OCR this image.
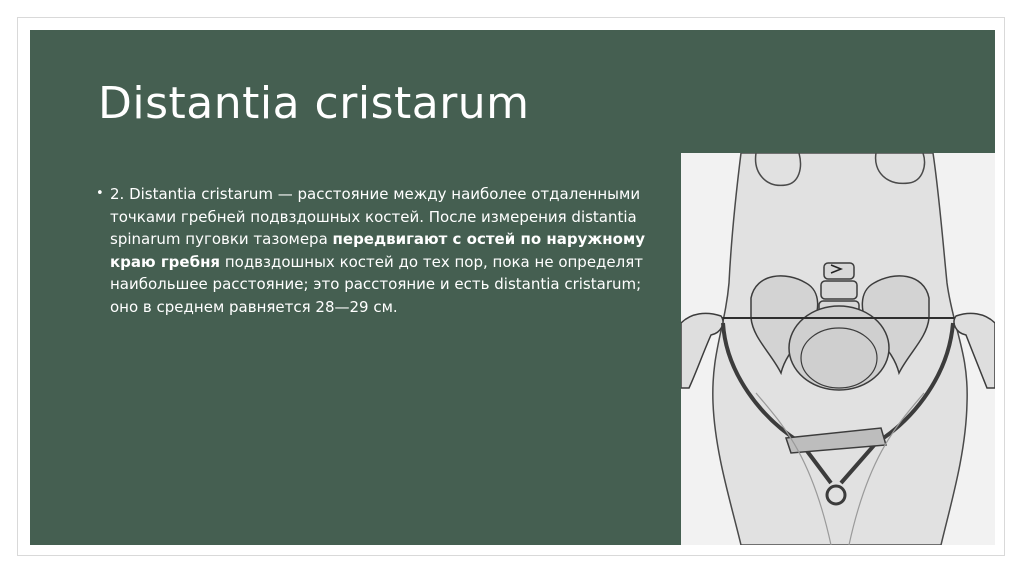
Distantia cristarum
• 2. Distantia cristarum — расстояние между наиболее отдаленными точками гребней подвздошных костей. После измерения distantia spinarum пуговки тазомера передвигают с остей по наружному краю гребня подвздошных костей до тех пор, пока не определят наибольшее расстояние; это расстояние и есть distantia cristarum; оно в среднем равняется 28—29 см.
